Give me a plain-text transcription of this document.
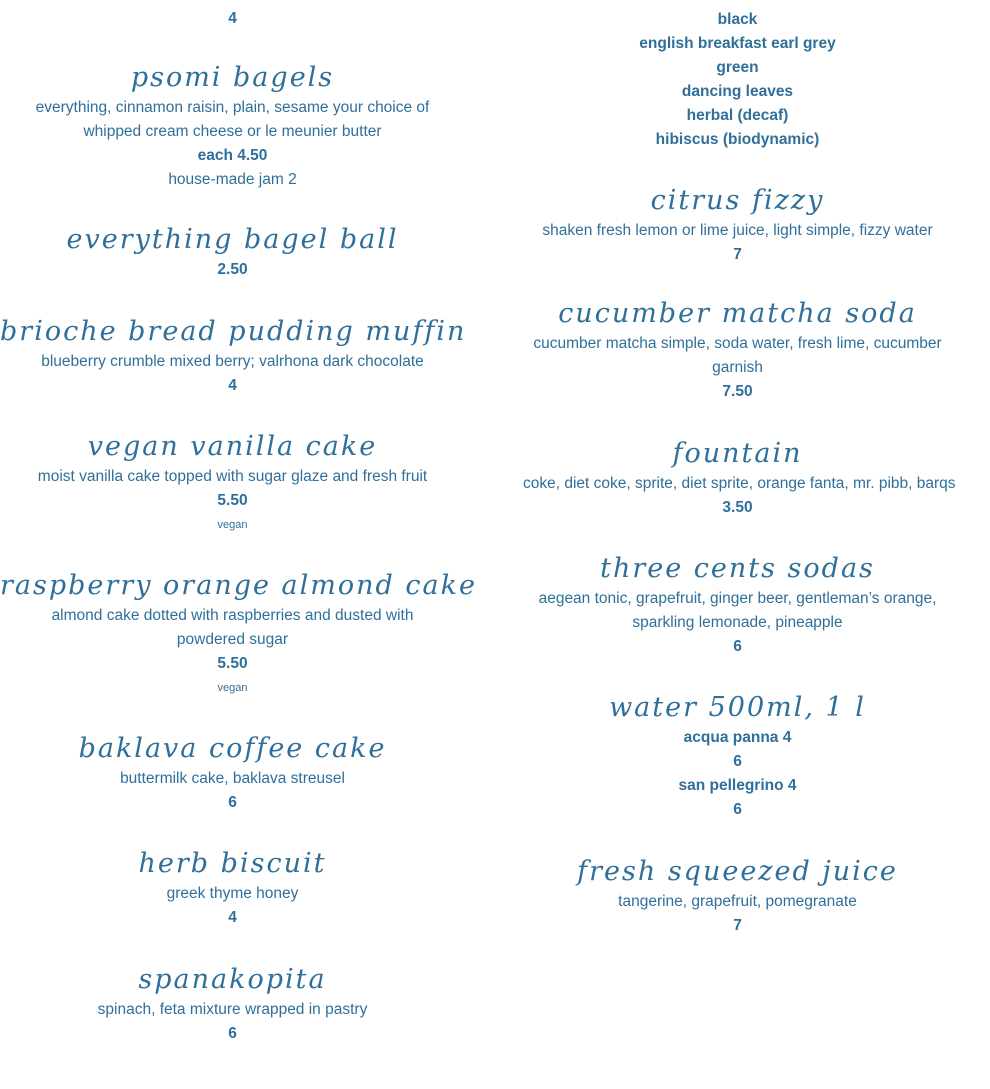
4
psomi bagels
everything, cinnamon raisin, plain, sesame your choice of whipped cream cheese or le meunier butter
each 4.50
house-made jam 2
everything bagel ball
2.50
brioche bread pudding muffin
blueberry crumble mixed berry; valrhona dark chocolate
4
vegan vanilla cake
moist vanilla cake topped with sugar glaze and fresh fruit
5.50
vegan
raspberry orange almond cake
almond cake dotted with raspberries and dusted with powdered sugar
5.50
vegan
baklava coffee cake
buttermilk cake, baklava streusel
6
herb biscuit
greek thyme honey
4
spanakopita
spinach, feta mixture wrapped in pastry
6
black
english breakfast earl grey
green
dancing leaves
herbal (decaf)
hibiscus (biodynamic)
citrus fizzy
shaken fresh lemon or lime juice, light simple, fizzy water
7
cucumber matcha soda
cucumber matcha simple, soda water, fresh lime, cucumber garnish
7.50
fountain
coke, diet coke, sprite, diet sprite, orange fanta, mr. pibb, barqs
3.50
three cents sodas
aegean tonic, grapefruit, ginger beer, gentleman’s orange, sparkling lemonade, pineapple
6
water 500ml, 1 l
acqua panna 4
6
san pellegrino 4
6
fresh squeezed juice
tangerine, grapefruit, pomegranate
7
